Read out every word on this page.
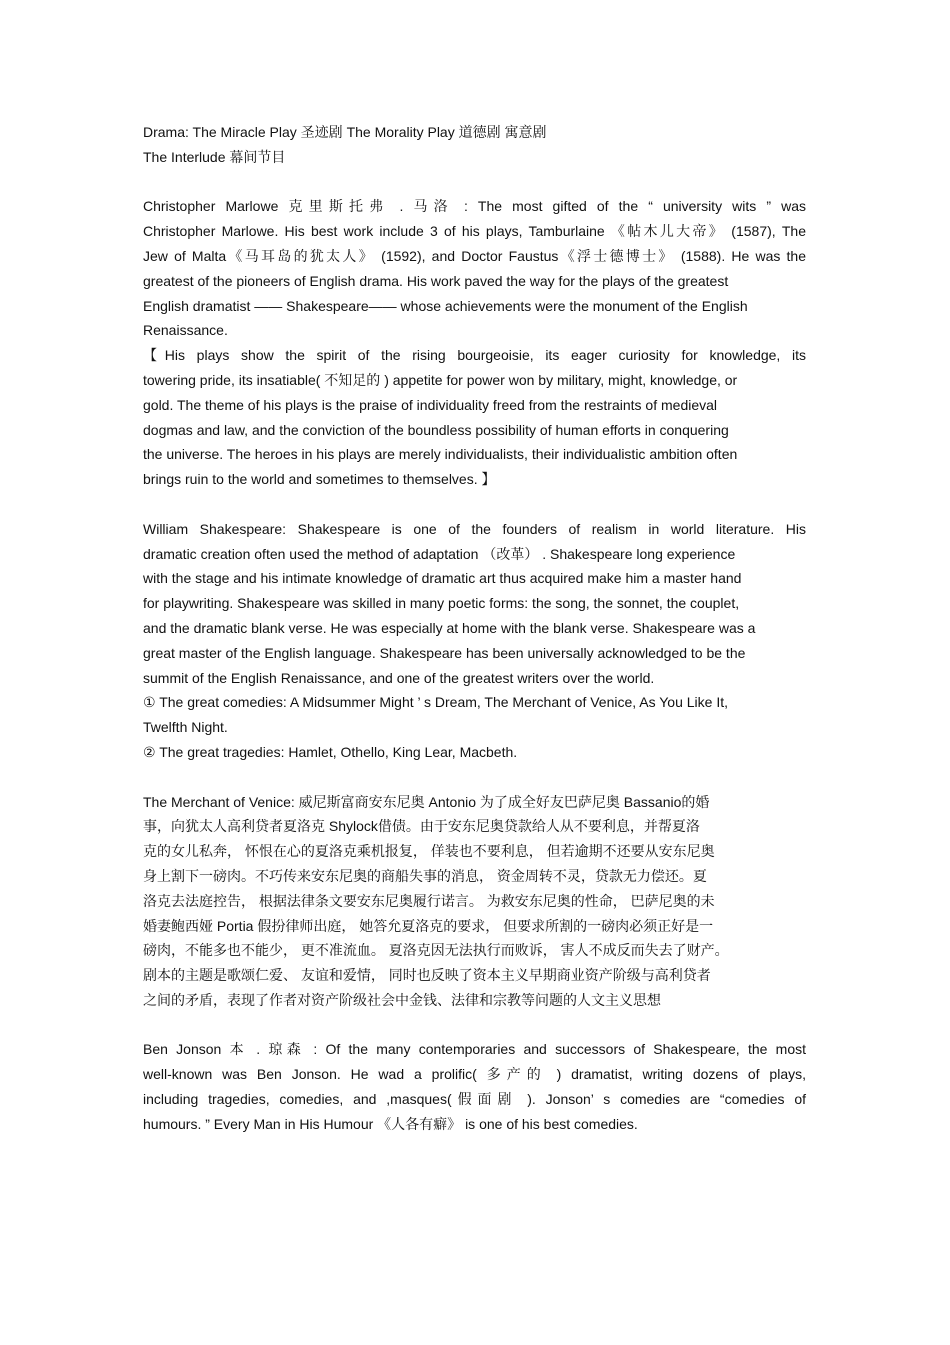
Drama: The Miracle Play 圣迹剧 The Morality Play 道德剧 寓意剧
The Interlude 幕间节目
Christopher Marlowe 克里斯托弗 . 马洛 : The most gifted of the “ university wits ” was
Christopher Marlowe. His best work include 3 of his plays, Tamburlaine 《帖木儿大帝》 (1587), The
Jew of Malta《马耳岛的犹太人》 (1592), and Doctor Faustus《浮士德博士》 (1588). He was the
greatest of the pioneers of English drama. His work paved the way for the plays of the greatest
English dramatist —— Shakespeare—— whose achievements were the monument of the English
Renaissance.
【His plays show the spirit of the rising bourgeoisie, its eager curiosity for knowledge, its
towering pride, its insatiable( 不知足的 ) appetite for power won by military, might, knowledge, or
gold. The theme of his plays is the praise of individuality freed from the restraints of medieval
dogmas and law, and the conviction of the boundless possibility of human efforts in conquering
the universe. The heroes in his plays are merely individualists, their individualistic ambition often
brings ruin to the world and sometimes to themselves. 】
William Shakespeare: Shakespeare is one of the founders of realism in world literature. His
dramatic creation often used the method of adaptation （改革） . Shakespeare long experience
with the stage and his intimate knowledge of dramatic art thus acquired make him a master hand
for playwriting. Shakespeare was skilled in many poetic forms: the song, the sonnet, the couplet,
and the dramatic blank verse. He was especially at home with the blank verse. Shakespeare was a
great master of the English language. Shakespeare has been universally acknowledged to be the
summit of the English Renaissance, and one of the greatest writers over the world.
① The great comedies: A Midsummer Might ’ s Dream, The Merchant of Venice, As You Like It,
Twelfth Night.
② The great tragedies: Hamlet, Othello, King Lear, Macbeth.
The Merchant of Venice: 威尼斯富商安东尼奥 Antonio 为了成全好友巴萨尼奥 Bassanio的婚
事，向犹太人高利贷者夏洛克 Shylock借债。由于安东尼奥贷款给人从不要利息，并帮夏洛
克的女儿私奔， 怀恨在心的夏洛克乘机报复， 佯装也不要利息， 但若逾期不还要从安东尼奥
身上割下一磅肉。不巧传来安东尼奥的商船失事的消息， 资金周转不灵，贷款无力偿还。夏
洛克去法庭控告， 根据法律条文要安东尼奥履行诺言。 为救安东尼奥的性命， 巴萨尼奥的未
婚妻鲍西娅 Portia 假扮律师出庭， 她答允夏洛克的要求， 但要求所割的一磅肉必须正好是一
磅肉，不能多也不能少， 更不准流血。 夏洛克因无法执行而败诉， 害人不成反而失去了财产。
剧本的主题是歌颂仁爱、 友谊和爱情， 同时也反映了资本主义早期商业资产阶级与高利贷者
之间的矛盾，表现了作者对资产阶级社会中金钱、法律和宗教等问题的人文主义思想
Ben Jonson 本 . 琼森 : Of the many contemporaries and successors of Shakespeare, the most
well-known was Ben Jonson. He wad a prolific( 多产的 ) dramatist, writing dozens of plays,
including tragedies, comedies, and ,masques(假面剧 ). Jonson’ s comedies are “comedies of
humours. ” Every Man in His Humour 《人各有癖》 is one of his best comedies.
